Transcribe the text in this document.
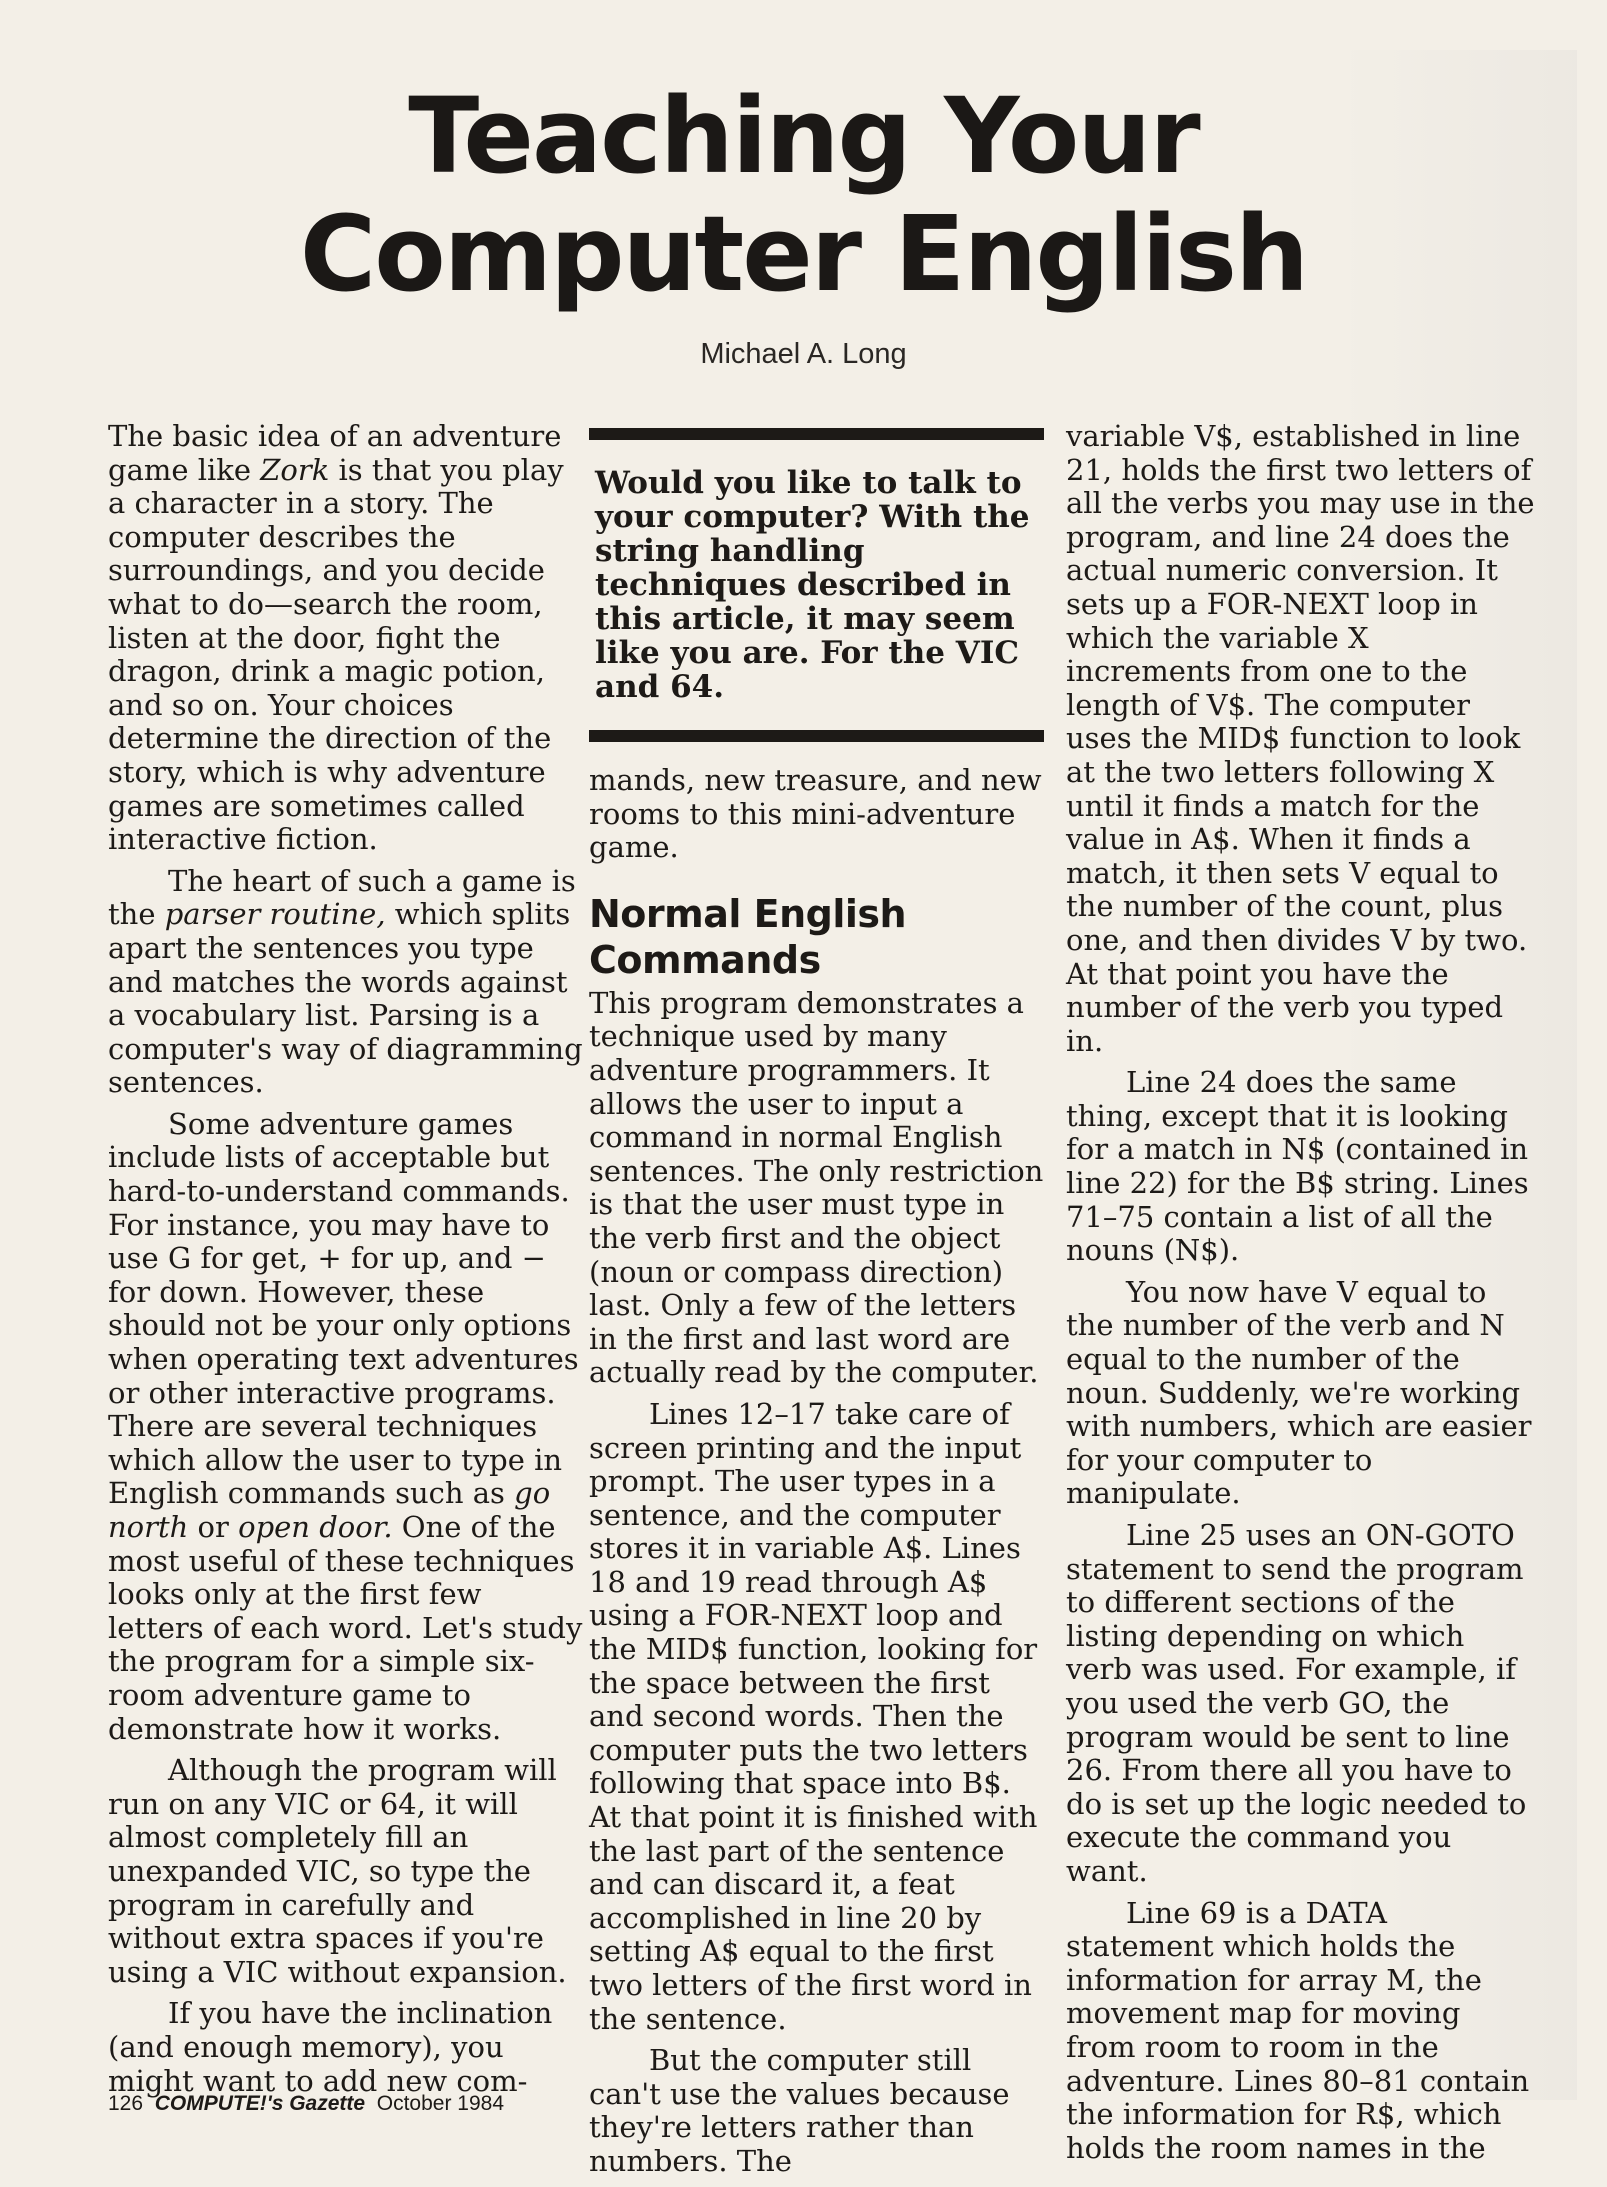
Teaching Your
Computer English
Michael A. Long

The basic idea of an adventure game like Zork is that you play a character in a story. The computer describes the surroundings, and you decide what to do—search the room, listen at the door, fight the dragon, drink a magic potion, and so on. Your choices determine the direction of the story, which is why adventure games are sometimes called interactive fiction.

The heart of such a game is the parser routine, which splits apart the sentences you type and matches the words against a vocabulary list. Parsing is a computer's way of diagramming sentences.

Some adventure games include lists of acceptable but hard-to-understand commands. For instance, you may have to use G for get, + for up, and − for down. However, these should not be your only options when operating text adventures or other interactive programs. There are several techniques which allow the user to type in English commands such as go north or open door. One of the most useful of these techniques looks only at the first few letters of each word. Let's study the program for a simple six-room adventure game to demonstrate how it works.

Although the program will run on any VIC or 64, it will almost completely fill an unexpanded VIC, so type the program in carefully and without extra spaces if you're using a VIC without expansion.

If you have the inclination (and enough memory), you might want to add new com-

Would you like to talk to your computer? With the string handling techniques described in this article, it may seem like you are. For the VIC and 64.

mands, new treasure, and new rooms to this mini-adventure game.

Normal English Commands

This program demonstrates a technique used by many adventure programmers. It allows the user to input a command in normal English sentences. The only restriction is that the user must type in the verb first and the object (noun or compass direction) last. Only a few of the letters in the first and last word are actually read by the computer.

Lines 12–17 take care of screen printing and the input prompt. The user types in a sentence, and the computer stores it in variable A$. Lines 18 and 19 read through A$ using a FOR-NEXT loop and the MID$ function, looking for the space between the first and second words. Then the computer puts the two letters following that space into B$. At that point it is finished with the last part of the sentence and can discard it, a feat accomplished in line 20 by setting A$ equal to the first two letters of the first word in the sentence.

But the computer still can't use the values because they're letters rather than numbers. The

variable V$, established in line 21, holds the first two letters of all the verbs you may use in the program, and line 24 does the actual numeric conversion. It sets up a FOR-NEXT loop in which the variable X increments from one to the length of V$. The computer uses the MID$ function to look at the two letters following X until it finds a match for the value in A$. When it finds a match, it then sets V equal to the number of the count, plus one, and then divides V by two. At that point you have the number of the verb you typed in.

Line 24 does the same thing, except that it is looking for a match in N$ (contained in line 22) for the B$ string. Lines 71–75 contain a list of all the nouns (N$).

You now have V equal to the number of the verb and N equal to the number of the noun. Suddenly, we're working with numbers, which are easier for your computer to manipulate.

Line 25 uses an ON-GOTO statement to send the program to different sections of the listing depending on which verb was used. For example, if you used the verb GO, the program would be sent to line 26. From there all you have to do is set up the logic needed to execute the command you want.

Line 69 is a DATA statement which holds the information for array M, the movement map for moving from room to room in the adventure. Lines 80–81 contain the information for R$, which holds the room names in the

126 COMPUTE!'s Gazette October 1984
